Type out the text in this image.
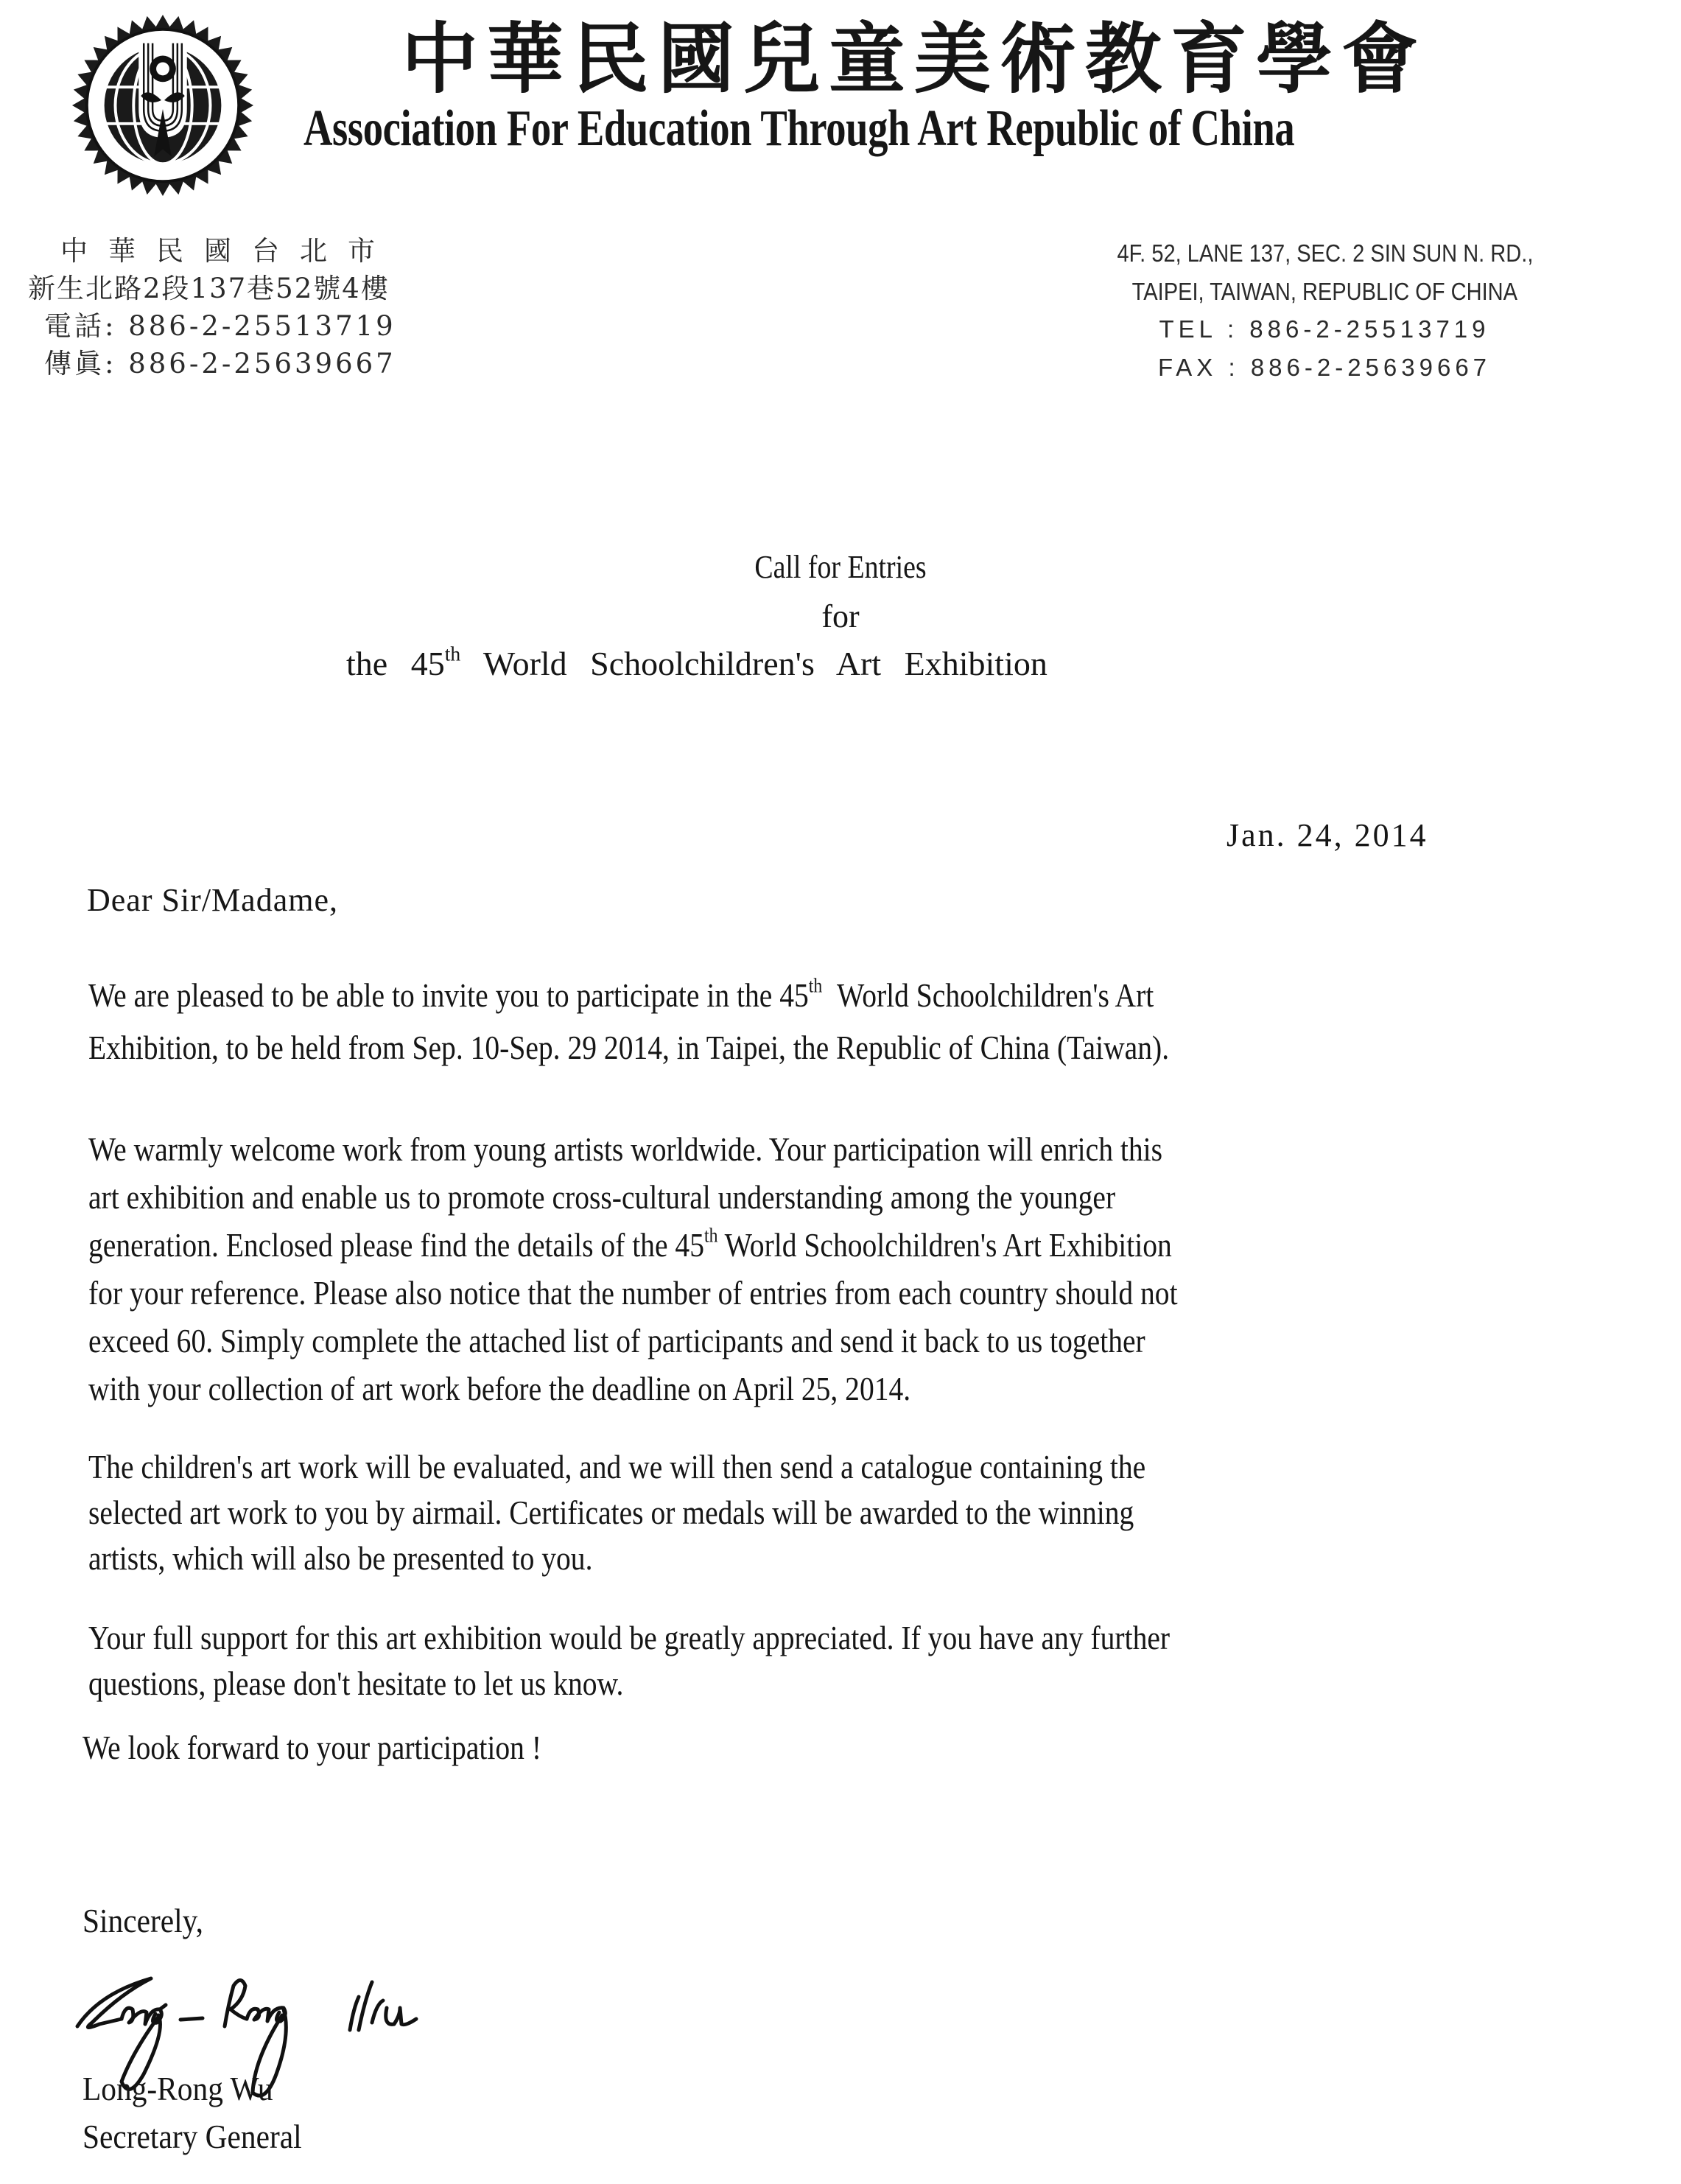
中華民國兒童美術教育學會
Association For Education Through Art Republic of China
中華民國台北市
新生北路2段137巷52號4樓
電話: 886-2-25513719
傳眞: 886-2-25639667
4F. 52, LANE 137, SEC. 2 SIN SUN N. RD.,
TAIPEI, TAIWAN, REPUBLIC OF CHINA
TEL : 886-2-25513719
FAX : 886-2-25639667
Call for Entries
for
the 45th World Schoolchildren's Art Exhibition
Jan. 24, 2014
Dear Sir/Madame,
We are pleased to be able to invite you to participate in the 45th World Schoolchildren's Art
Exhibition, to be held from Sep. 10-Sep. 29 2014, in Taipei, the Republic of China (Taiwan).
We warmly welcome work from young artists worldwide. Your participation will enrich this
art exhibition and enable us to promote cross-cultural understanding among the younger
generation. Enclosed please find the details of the 45th World Schoolchildren's Art Exhibition
for your reference. Please also notice that the number of entries from each country should not
exceed 60. Simply complete the attached list of participants and send it back to us together
with your collection of art work before the deadline on April 25, 2014.
The children's art work will be evaluated, and we will then send a catalogue containing the
selected art work to you by airmail. Certificates or medals will be awarded to the winning
artists, which will also be presented to you.
Your full support for this art exhibition would be greatly appreciated. If you have any further
questions, please don't hesitate to let us know.
We look forward to your participation !
Sincerely,
Long-Rong Wu
Secretary General
